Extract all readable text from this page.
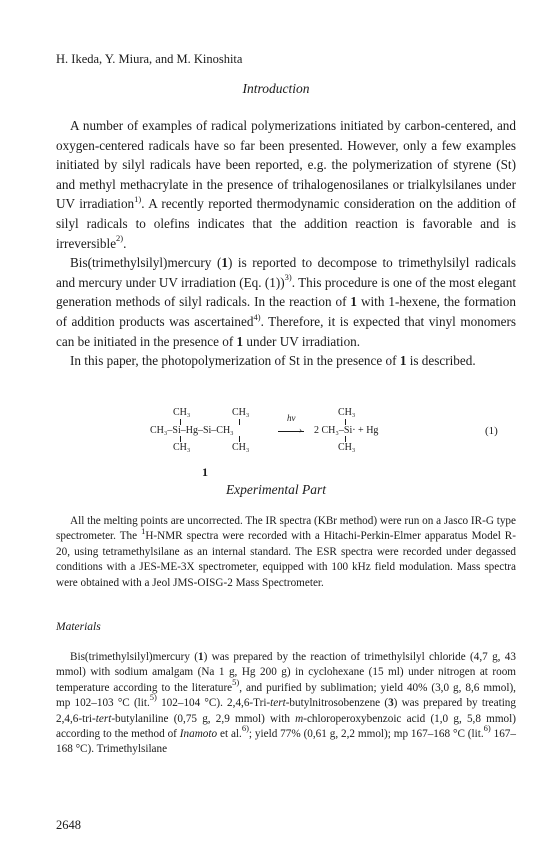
H. Ikeda, Y. Miura, and M. Kinoshita
Introduction

A number of examples of radical polymerizations initiated by carbon-centered, and oxygen-centered radicals have so far been presented. However, only a few examples initiated by silyl radicals have been reported, e.g. the polymerization of styrene (St) and methyl methacrylate in the presence of trihalogenosilanes or trialkylsilanes under UV irradiation$^{1)}$. A recently reported thermodynamic consideration on the addition of silyl radicals to olefins indicates that the addition reaction is favorable and is irreversible$^{2)}$.

Bis(trimethylsilyl)mercury (1) is reported to decompose to trimethylsilyl radicals and mercury under UV irradiation (Eq. (1))$^{3)}$. This procedure is one of the most elegant generation methods of silyl radicals. In the reaction of 1 with 1-hexene, the formation of addition products was ascertained$^{4)}$. Therefore, it is expected that vinyl monomers can be initiated in the presence of 1 under UV irradiation.

In this paper, the photopolymerization of St in the presence of 1 is described.

CH₃	CH₃	CH₃
CH₃–Si–Hg–Si–CH₃
hν
› 2 CH₃–Si· + Hg
CH₃	CH₃	CH₃
1
(1)
Experimental Part

All the melting points are uncorrected. The IR spectra (KBr method) were run on a Jasco IR-G type spectrometer. The $^1$H-NMR spectra were recorded with a Hitachi-Perkin-Elmer apparatus Model R-20, using tetramethylsilane as an internal standard. The ESR spectra were recorded under degassed conditions with a JES-ME-3X spectrometer, equipped with 100 kHz field modulation. Mass spectra were obtained with a Jeol JMS-OISG-2 Mass Spectrometer.

Materials

Bis(trimethylsilyl)mercury (1) was prepared by the reaction of trimethylsilyl chloride (4,7 g, 43 mmol) with sodium amalgam (Na 1 g, Hg 200 g) in cyclohexane (15 ml) under nitrogen at room temperature according to the literature$^{5)}$, and purified by sublimation; yield 40% (3,0 g, 8,6 mmol), mp 102–103 °C (lit.$^{5)}$ 102–104 °C). 2,4,6-Tri-tert-butylnitrosobenzene (3) was prepared by treating 2,4,6-tri-tert-butylaniline (0,75 g, 2,9 mmol) with m-chloroperoxybenzoic acid (1,0 g, 5,8 mmol) according to the method of Inamoto et al.$^{6)}$; yield 77% (0,61 g, 2,2 mmol); mp 167–168 °C (lit.$^{6)}$ 167–168 °C). Trimethylsilane

2648
